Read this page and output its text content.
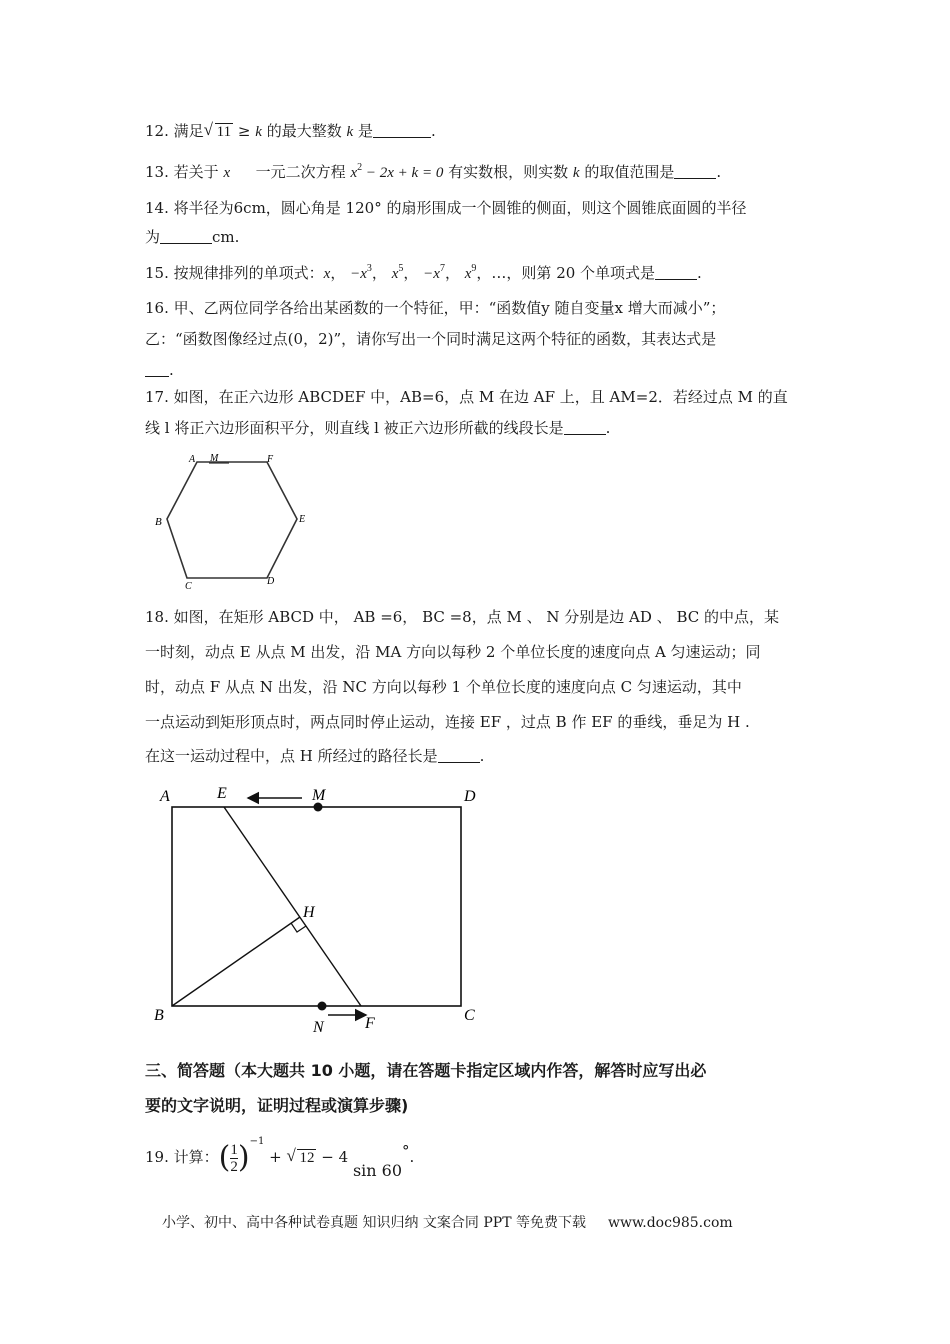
12. 满足 √ 11 ≥ k 的最大整数 k 是	.
13. 若关于 x 一元二次方程 $x^2 - 2x + k = 0$ 有实数根，则实数 k 的取值范围是	.
14. 将半径为6cm，圆心角是 120° 的扇形围成一个圆锥的侧面，则这个圆锥底面圆的半径
为	cm.
15. 按规律排列的单项式：x， $-x^3$， $x^5$， $-x^7$， $x^9$，…，则第 20 个单项式是	.
16. 甲、乙两位同学各给出某函数的一个特征，甲：“函数值y 随自变量x 增大而减小”；
乙：“函数图像经过点(0，2)”，请你写出一个同时满足这两个特征的函数，其表达式是
.
17. 如图，在正六边形 ABCDEF 中，AB=6，点 M 在边 AF 上，且 AM=2．若经过点 M 的直
线 l 将正六边形面积平分，则直线 l 被正六边形所截的线段长是	.
A M	F
B	E
C	D
18. 如图，在矩形 ABCD 中， AB =6， BC =8，点 M 、 N 分别是边 AD 、 BC 的中点，某
一时刻，动点 E 从点 M 出发，沿 MA 方向以每秒 2 个单位长度的速度向点 A 匀速运动；同
时，动点 F 从点 N 出发，沿 NC 方向以每秒 1 个单位长度的速度向点 C 匀速运动，其中
一点运动到矩形顶点时，两点同时停止运动，连接 EF ，过点 B 作 EF 的垂线，垂足为 H .
在这一运动过程中，点 H 所经过的路径长是	.
A	E	M	D
H
B
N	F	C
三、简答题（本大题共 10 小题，请在答题卡指定区域内作答，解答时应写出必
要的文字说明，证明过程或演算步骤)
19. 计算：( $\frac{1}{2} )^{-1}$ + √ 12 − 4 sin 60°.
小学、初中、高中各种试卷真题 知识归纳 文案合同 PPT 等免费下载 www.doc985.com
